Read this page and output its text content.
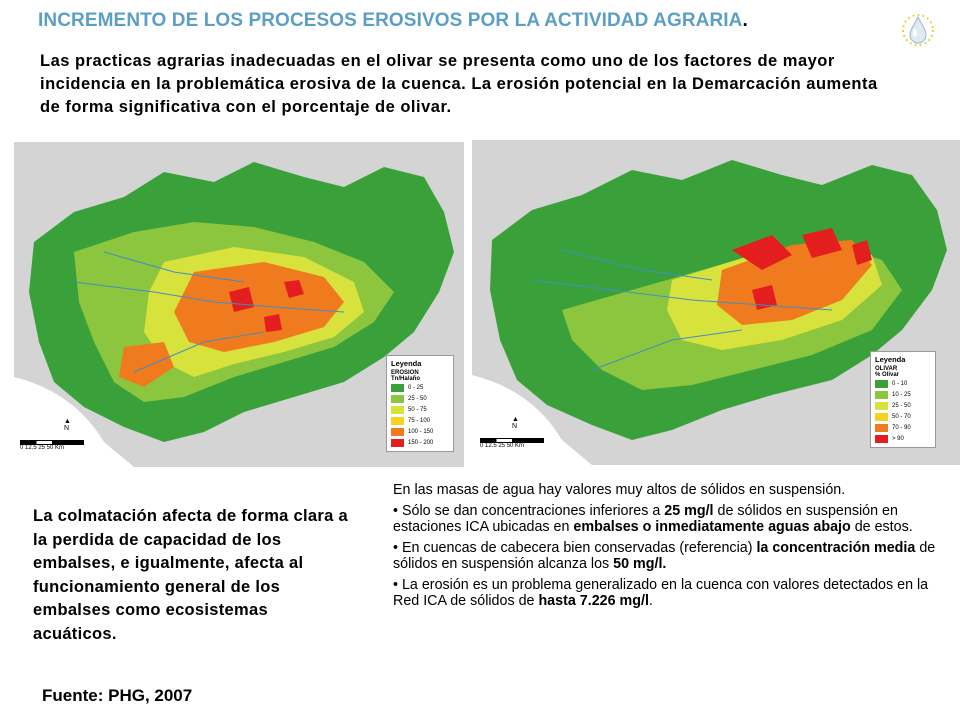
INCREMENTO DE LOS PROCESOS EROSIVOS POR LA ACTIVIDAD AGRARIA.
Las practicas agrarias inadecuadas en el olivar se presenta como uno de los factores de mayor incidencia en la problemática erosiva de la cuenca. La erosión potencial en la Demarcación aumenta de forma significativa con el porcentaje de olivar.
Leyenda
EROSION
Tn/Ha/año
0 - 25
25 - 50
50 - 75
75 - 100
100 - 150
150 - 200
0 12.5 25 50 Km
▲
N
Leyenda
OLIVAR
% Olivar
0 - 10
10 - 25
25 - 50
50 - 70
70 - 90
> 90
0 12.5 25 50 Km
▲
N
La colmatación afecta de forma clara a la perdida de capacidad de los embalses, e igualmente, afecta al funcionamiento general de los embalses como ecosistemas acuáticos.
Fuente: PHG, 2007

En las masas de agua hay valores muy altos de sólidos en suspensión.

• Sólo se dan concentraciones inferiores a 25 mg/l de sólidos en suspensión en estaciones ICA ubicadas en embalses o inmediatamente aguas abajo de estos.

• En cuencas de cabecera bien conservadas (referencia) la concentración media de sólidos en suspensión alcanza los 50 mg/l.

• La erosión es un problema generalizado en la cuenca con valores detectados en la Red ICA de sólidos de hasta 7.226 mg/l.
